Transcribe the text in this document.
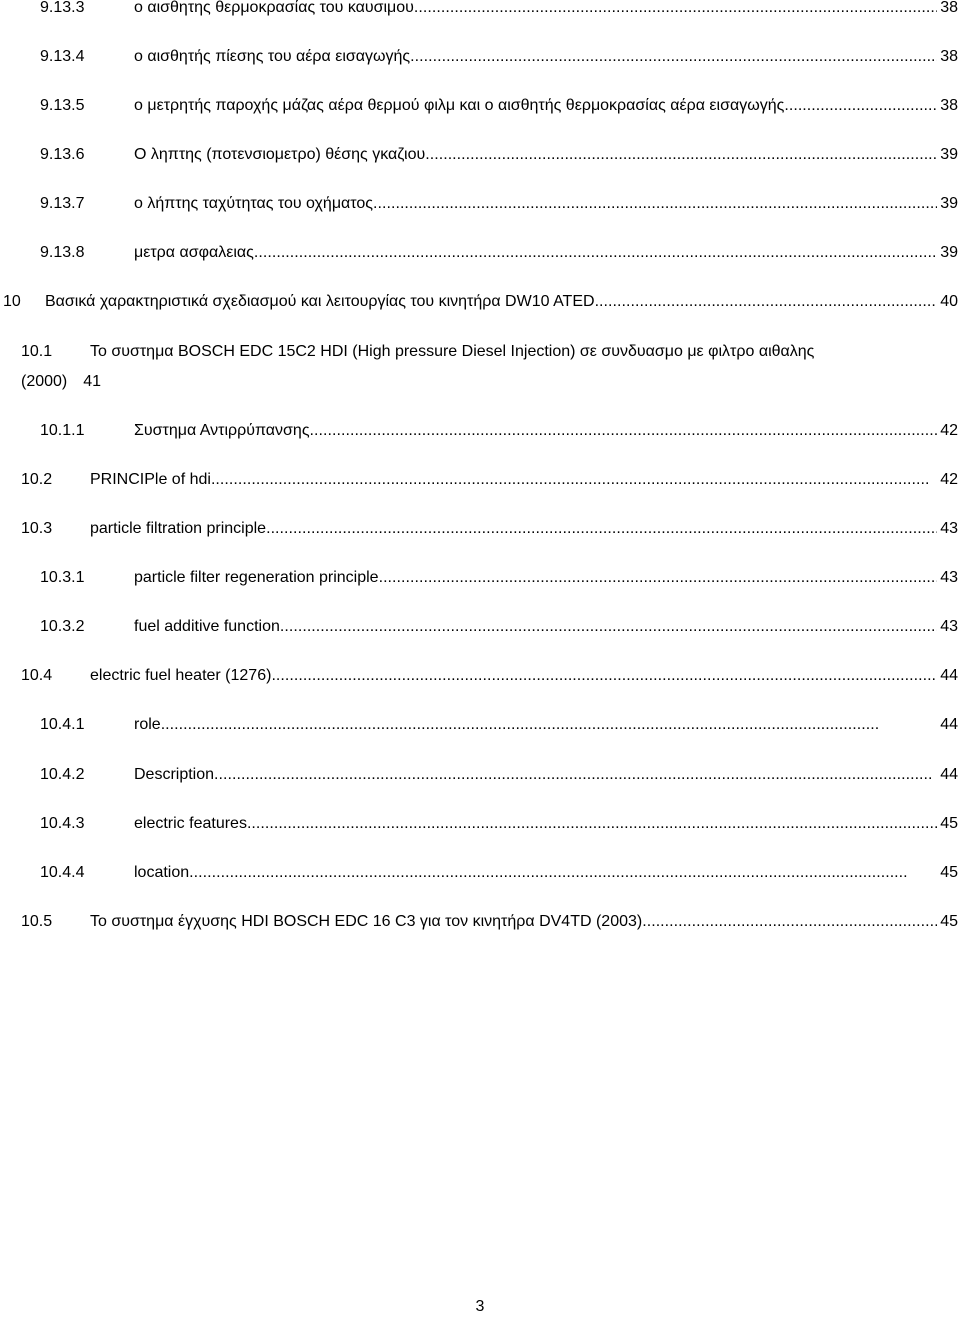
9.13.3	ο αισθητης θερμοκρασίας του καυσιμου . . .	38
9.13.4	ο αισθητής πίεσης του αέρα εισαγωγής . . .	38
9.13.5	ο μετρητής παροχής μάζας αέρα θερμού φιλμ και ο αισθητής θερμοκρασίας αέρα εισαγωγής . . .	38
9.13.6	Ο ληπτης (ποτενσιομετρο) θέσης γκαζιου . . .	39
9.13.7	ο λήπτης ταχύτητας του οχήματος . . .	39
9.13.8	μετρα ασφαλειας . . .	39
10 Βασικά χαρακτηριστικά σχεδιασμού και λειτουργίας του κινητήρα DW10 ATED . . .	40
10.1 Το συστημα BOSCH EDC 15C2 HDI (High pressure Diesel Injection) σε συνδυασμο με φιλτρο αιθαλης
(2000) 41
10.1.1	Συστημα Αντιρρύπανσης . . .	42
10.2 PRINCIPle of hdi . . .	42
10.3 particle filtration principle . . .	43
10.3.1	particle filter regeneration principle . . .	43
10.3.2	fuel additive function . . .	43
10.4 electric fuel heater (1276) . . .	44
10.4.1	role . . .	44
10.4.2	Description . . .	44
10.4.3	electric features . . .	45
10.4.4	location . . .	45
10.5 Το συστημα έγχυσης HDI BOSCH EDC 16 C3 για τον κινητήρα DV4TD (2003) . . .	45
3
